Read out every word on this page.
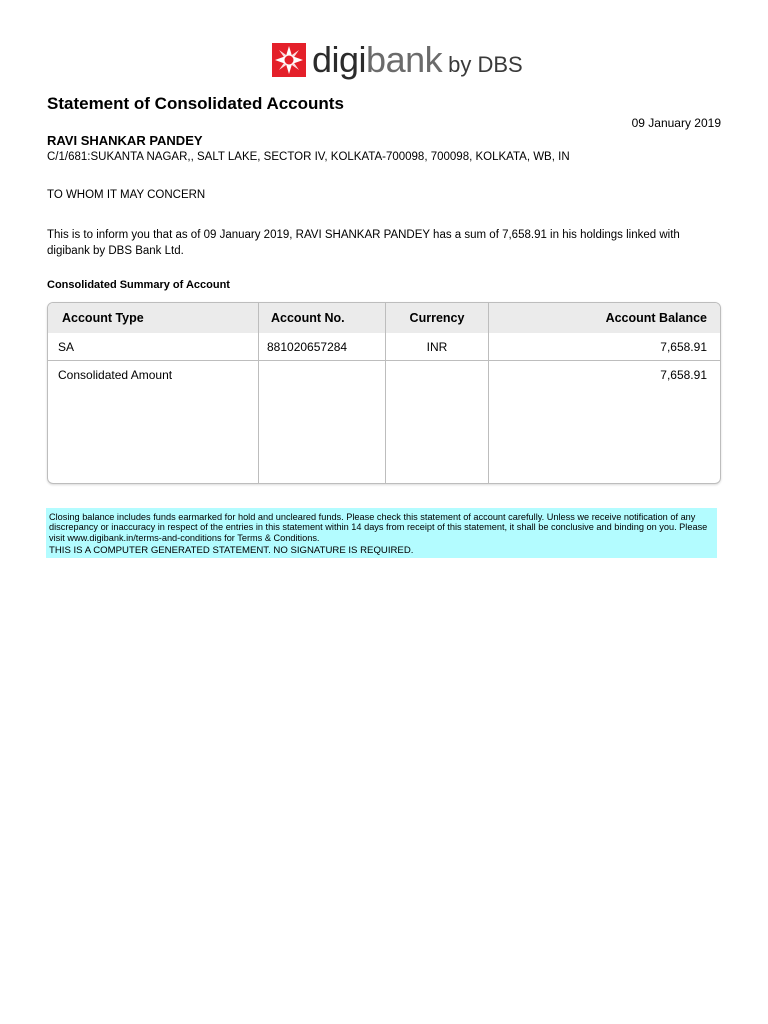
digibank by DBS
Statement of Consolidated Accounts
09 January 2019
RAVI SHANKAR PANDEY
C/1/681:SUKANTA NAGAR,, SALT LAKE, SECTOR IV, KOLKATA-700098, 700098, KOLKATA, WB, IN
TO WHOM IT MAY CONCERN
This is to inform you that as of 09 January 2019, RAVI SHANKAR PANDEY has a sum of 7,658.91 in his holdings linked with digibank by DBS Bank Ltd.
Consolidated Summary of Account
Account Type	Account No.	Currency	Account Balance
SA	881020657284	INR	7,658.91
Consolidated Amount			7,658.91
Closing balance includes funds earmarked for hold and uncleared funds. Please check this statement of account carefully. Unless we receive notification of any discrepancy or inaccuracy in respect of the entries in this statement within 14 days from receipt of this statement, it shall be conclusive and binding on you. Please visit www.digibank.in/terms-and-conditions for Terms & Conditions.
THIS IS A COMPUTER GENERATED STATEMENT. NO SIGNATURE IS REQUIRED.
